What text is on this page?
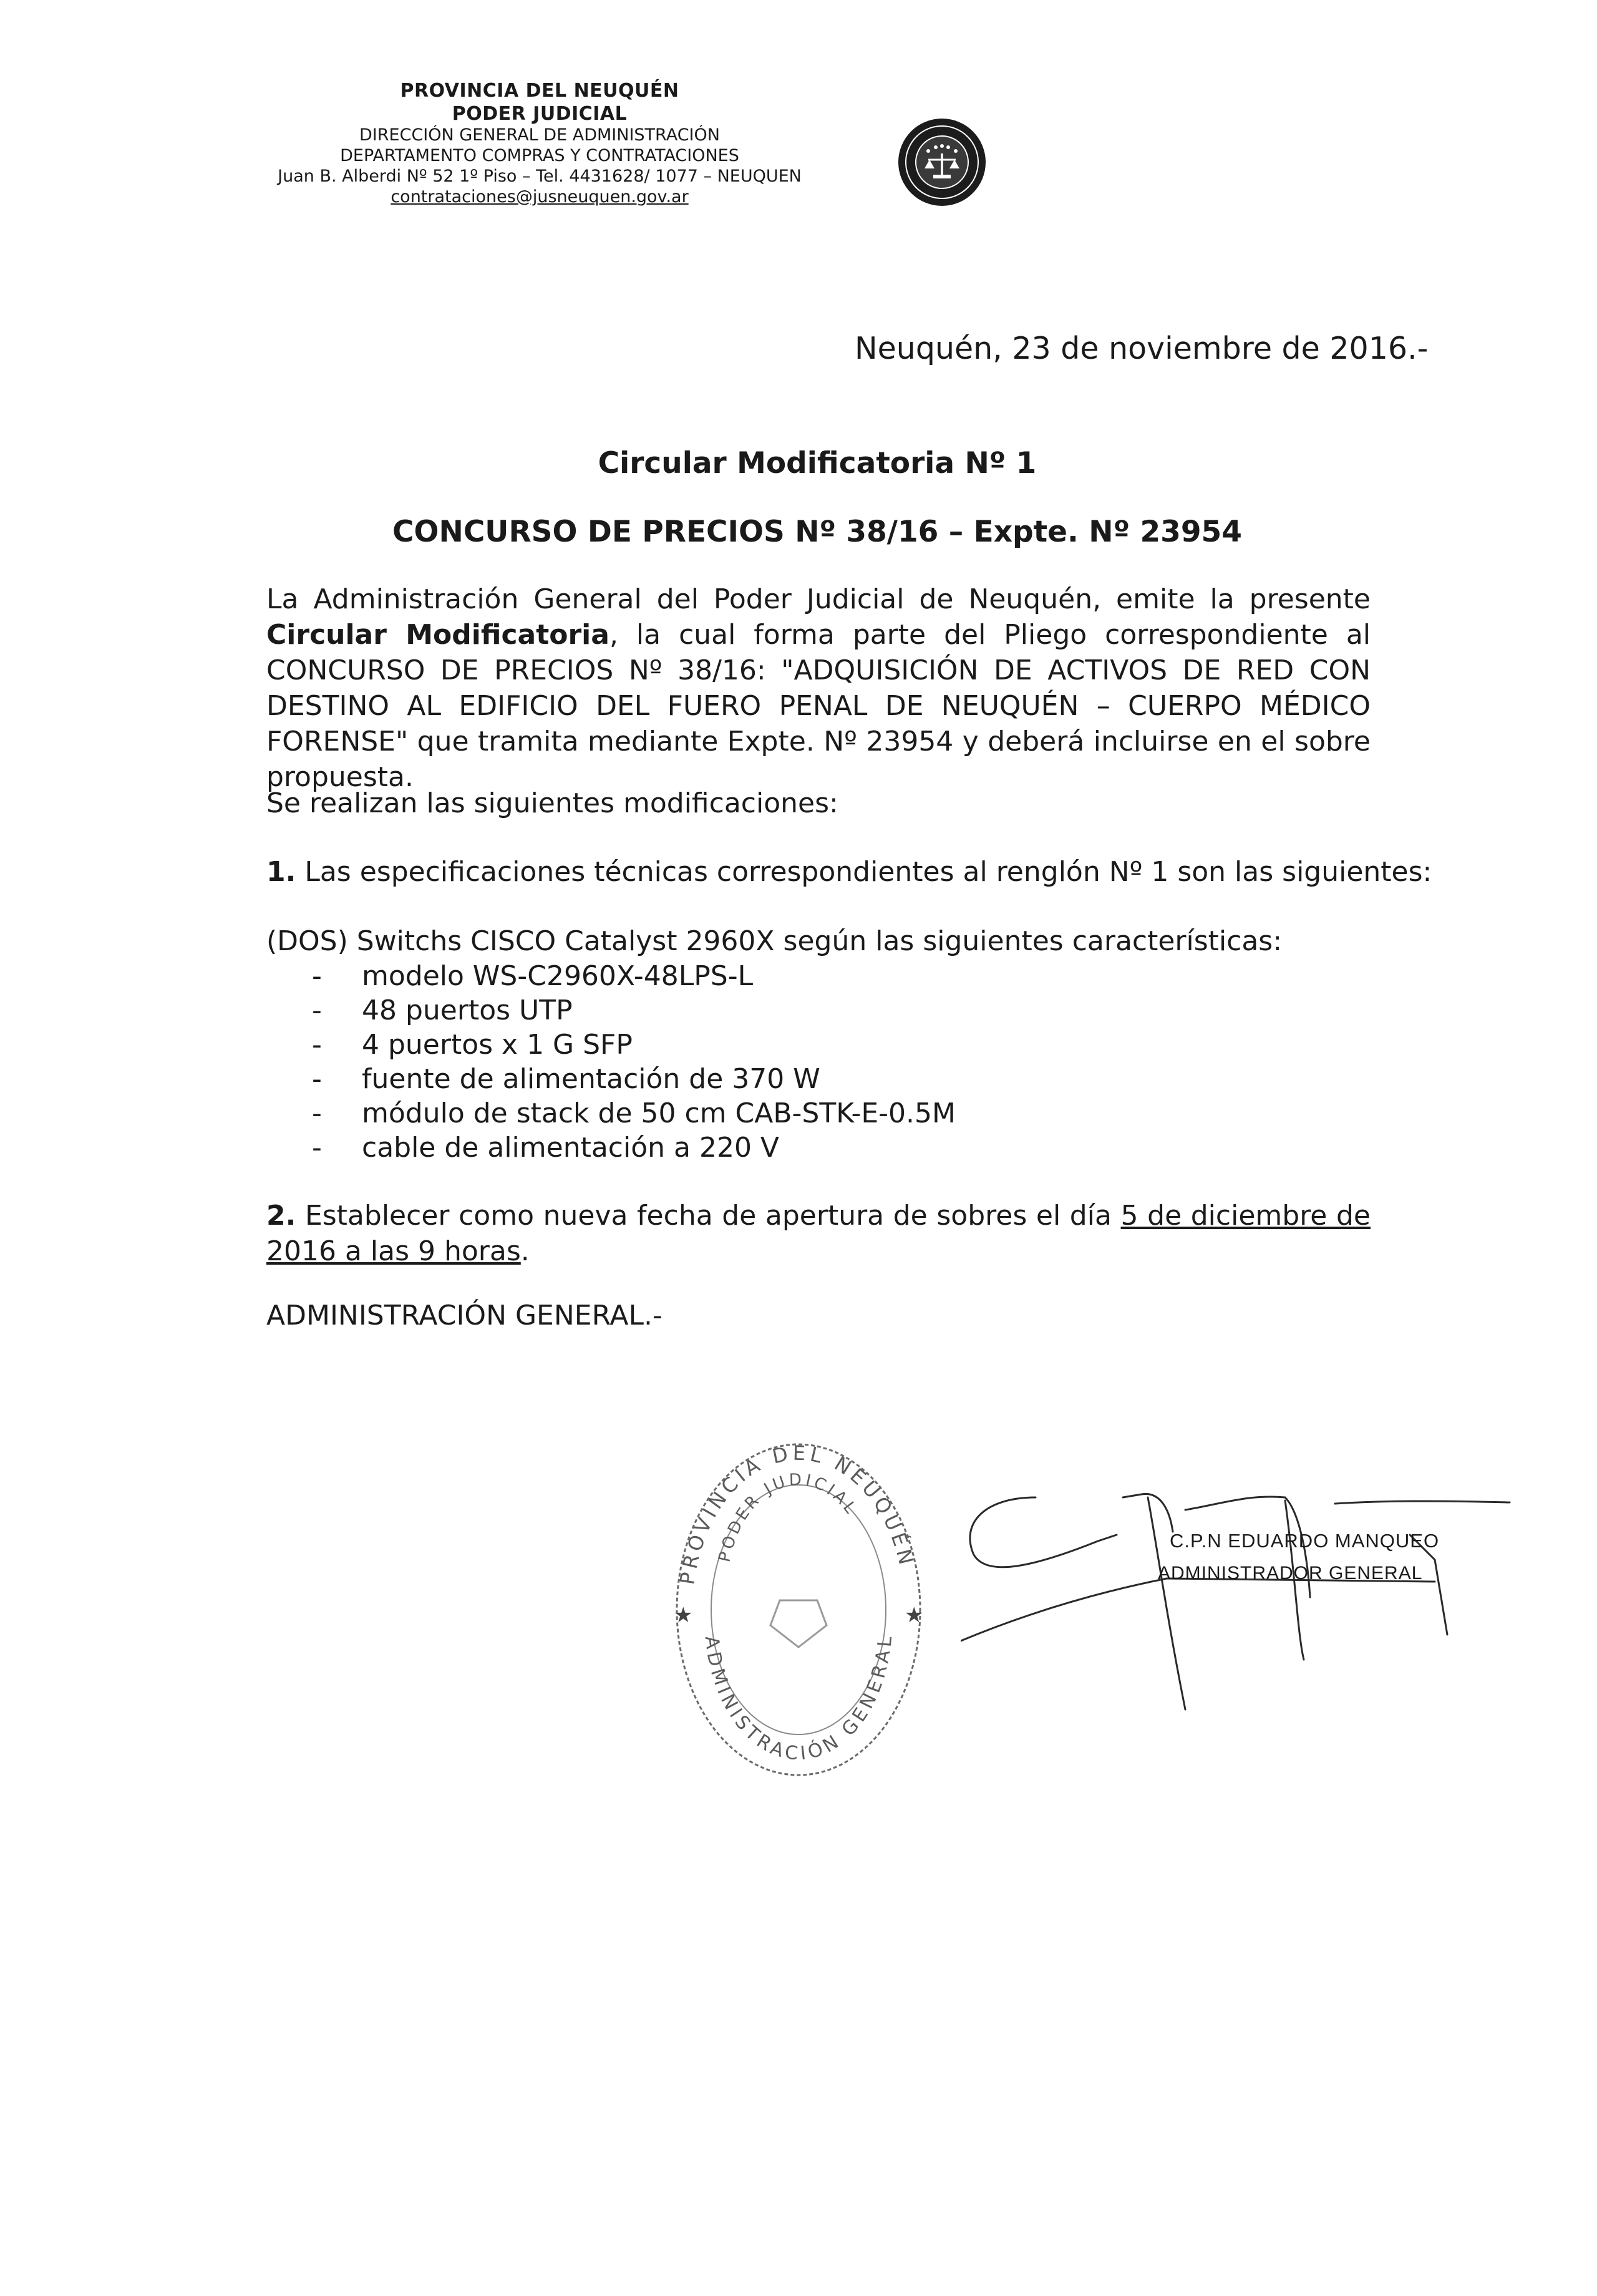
PROVINCIA DEL NEUQUÉN
PODER JUDICIAL
DIRECCIÓN GENERAL DE ADMINISTRACIÓN
DEPARTAMENTO COMPRAS Y CONTRATACIONES
Juan B. Alberdi Nº 52 1º Piso – Tel. 4431628/ 1077 – NEUQUEN
contrataciones@jusneuquen.gov.ar
Neuquén, 23 de noviembre de 2016.-
Circular Modificatoria Nº 1
CONCURSO DE PRECIOS Nº 38/16 – Expte. Nº 23954
La Administración General del Poder Judicial de Neuquén, emite la presente Circular Modificatoria, la cual forma parte del Pliego correspondiente al CONCURSO DE PRECIOS Nº 38/16: "ADQUISICIÓN DE ACTIVOS DE RED CON DESTINO AL EDIFICIO DEL FUERO PENAL DE NEUQUÉN – CUERPO MÉDICO FORENSE" que tramita mediante Expte. Nº 23954 y deberá incluirse en el sobre propuesta.
Se realizan las siguientes modificaciones:
1. Las especificaciones técnicas correspondientes al renglón Nº 1 son las siguientes:
(DOS) Switchs CISCO Catalyst 2960X según las siguientes características:
- modelo WS-C2960X-48LPS-L
- 48 puertos UTP
- 4 puertos x 1 G SFP
- fuente de alimentación de 370 W
- módulo de stack de 50 cm CAB-STK-E-0.5M
- cable de alimentación a 220 V
2. Establecer como nueva fecha de apertura de sobres el día 5 de diciembre de 2016 a las 9 horas.
ADMINISTRACIÓN GENERAL.-
PROVINCIA DEL NEUQUÉN
PODER JUDICIAL
ADMINISTRACIÓN GENERAL
★	★
C.P.N EDUARDO MANQUEO
ADMINISTRADOR GENERAL
